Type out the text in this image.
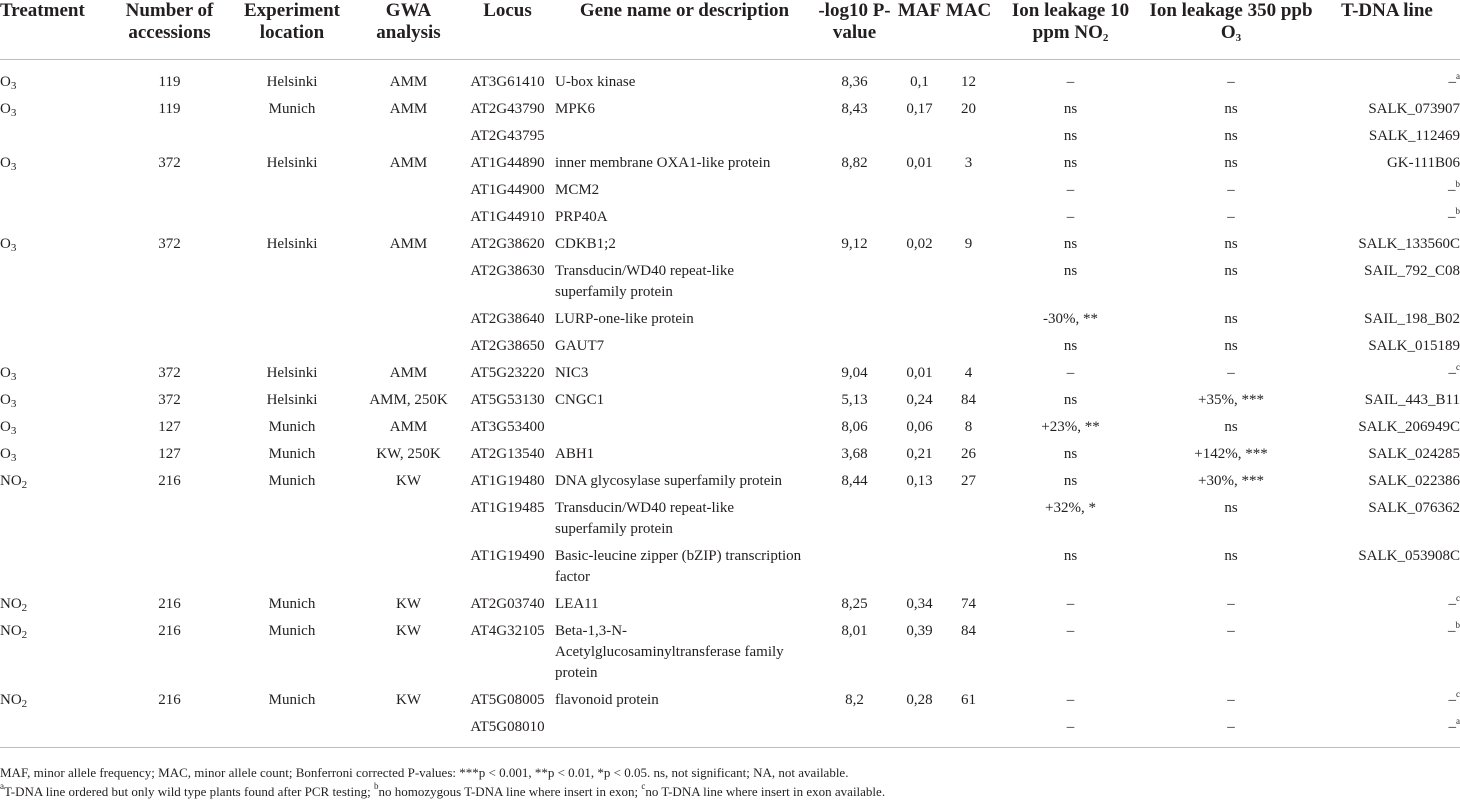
Treatment	Number of accessions	Experiment location	GWA analysis	Locus	Gene name or description	-log10 P-value	MAF	MAC	Ion leakage 10 ppm $NO_2$	Ion leakage 350 ppb $O_3$	T-DNA line
$O_3$	119	Helsinki	AMM	AT3G61410	U-box kinase	8,36	0,1	12	–	–	–$^a$
$O_3$	119	Munich	AMM	AT2G43790	MPK6	8,43	0,17	20	ns	ns	SALK_073907
				AT2G43795					ns	ns	SALK_112469
$O_3$	372	Helsinki	AMM	AT1G44890	inner membrane OXA1-like protein	8,82	0,01	3	ns	ns	GK-111B06
				AT1G44900	MCM2				–	–	–$^b$
				AT1G44910	PRP40A				–	–	–$^b$
$O_3$	372	Helsinki	AMM	AT2G38620	CDKB1;2	9,12	0,02	9	ns	ns	SALK_133560C
				AT2G38630	Transducin/WD40 repeat-like superfamily protein				ns	ns	SAIL_792_C08
				AT2G38640	LURP-one-like protein				-30%, **	ns	SAIL_198_B02
				AT2G38650	GAUT7				ns	ns	SALK_015189
$O_3$	372	Helsinki	AMM	AT5G23220	NIC3	9,04	0,01	4	–	–	–$^c$
$O_3$	372	Helsinki	AMM, 250K	AT5G53130	CNGC1	5,13	0,24	84	ns	+35%, ***	SAIL_443_B11
$O_3$	127	Munich	AMM	AT3G53400		8,06	0,06	8	+23%, **	ns	SALK_206949C
$O_3$	127	Munich	KW, 250K	AT2G13540	ABH1	3,68	0,21	26	ns	+142%, ***	SALK_024285
$NO_2$	216	Munich	KW	AT1G19480	DNA glycosylase superfamily protein	8,44	0,13	27	ns	+30%, ***	SALK_022386
				AT1G19485	Transducin/WD40 repeat-like superfamily protein				+32%, *	ns	SALK_076362
				AT1G19490	Basic-leucine zipper (bZIP) transcription factor				ns	ns	SALK_053908C
$NO_2$	216	Munich	KW	AT2G03740	LEA11	8,25	0,34	74	–	–	–$^c$
$NO_2$	216	Munich	KW	AT4G32105	Beta-1,3-N-Acetylglucosaminyltransferase family protein	8,01	0,39	84	–	–	–$^b$
$NO_2$	216	Munich	KW	AT5G08005	flavonoid protein	8,2	0,28	61	–	–	–$^c$
				AT5G08010					–	–	–$^a$
MAF, minor allele frequency; MAC, minor allele count; Bonferroni corrected P-values: ***p < 0.001, **p < 0.01, *p < 0.05. ns, not significant; NA, not available.
$^a$T-DNA line ordered but only wild type plants found after PCR testing; $^b$no homozygous T-DNA line where insert in exon; $^c$no T-DNA line where insert in exon available.
